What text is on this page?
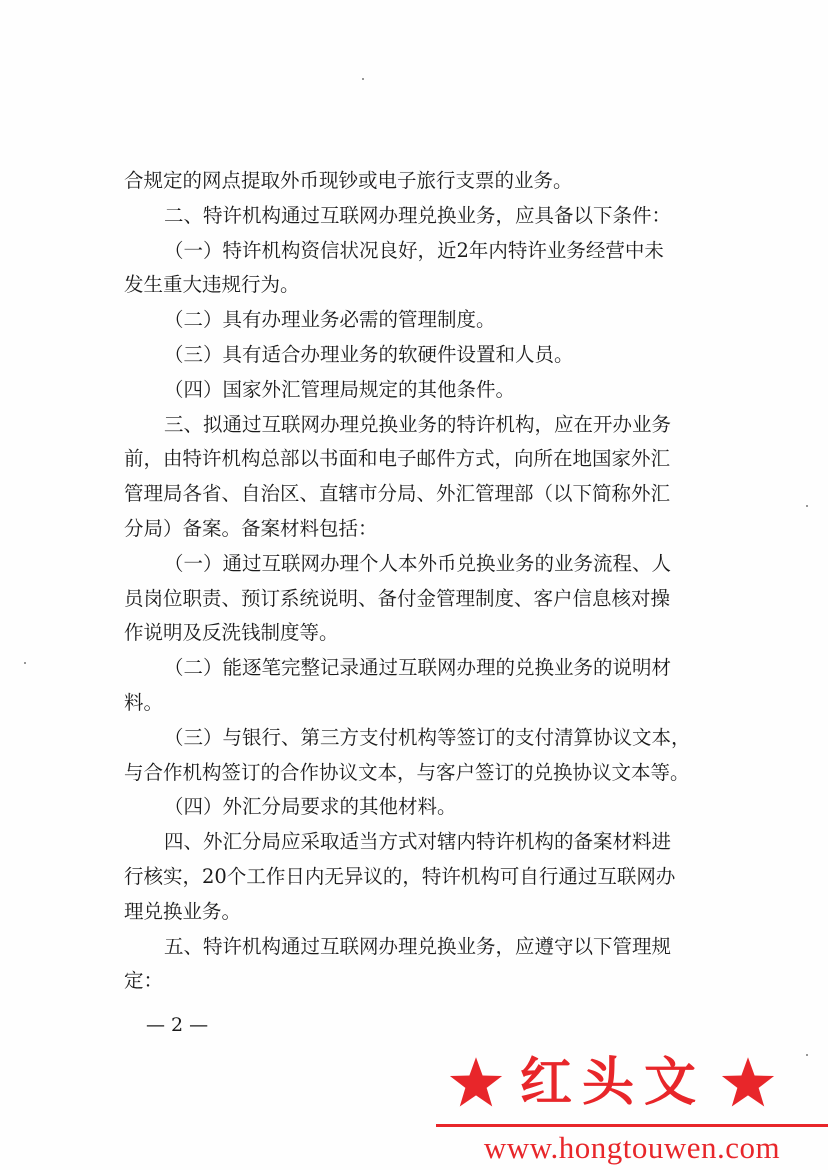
合规定的网点提取外币现钞或电子旅行支票的业务。
二、特许机构通过互联网办理兑换业务，应具备以下条件：
（一）特许机构资信状况良好，近2年内特许业务经营中未
发生重大违规行为。
（二）具有办理业务必需的管理制度。
（三）具有适合办理业务的软硬件设置和人员。
（四）国家外汇管理局规定的其他条件。
三、拟通过互联网办理兑换业务的特许机构，应在开办业务
前，由特许机构总部以书面和电子邮件方式，向所在地国家外汇
管理局各省、自治区、直辖市分局、外汇管理部（以下简称外汇
分局）备案。备案材料包括：
（一）通过互联网办理个人本外币兑换业务的业务流程、人
员岗位职责、预订系统说明、备付金管理制度、客户信息核对操
作说明及反洗钱制度等。
（二）能逐笔完整记录通过互联网办理的兑换业务的说明材
料。
（三）与银行、第三方支付机构等签订的支付清算协议文本，
与合作机构签订的合作协议文本，与客户签订的兑换协议文本等。
（四）外汇分局要求的其他材料。
四、外汇分局应采取适当方式对辖内特许机构的备案材料进
行核实，20个工作日内无异议的，特许机构可自行通过互联网办
理兑换业务。
五、特许机构通过互联网办理兑换业务，应遵守以下管理规
定：
— 2 —
红头文
www.hongtouwen.com
